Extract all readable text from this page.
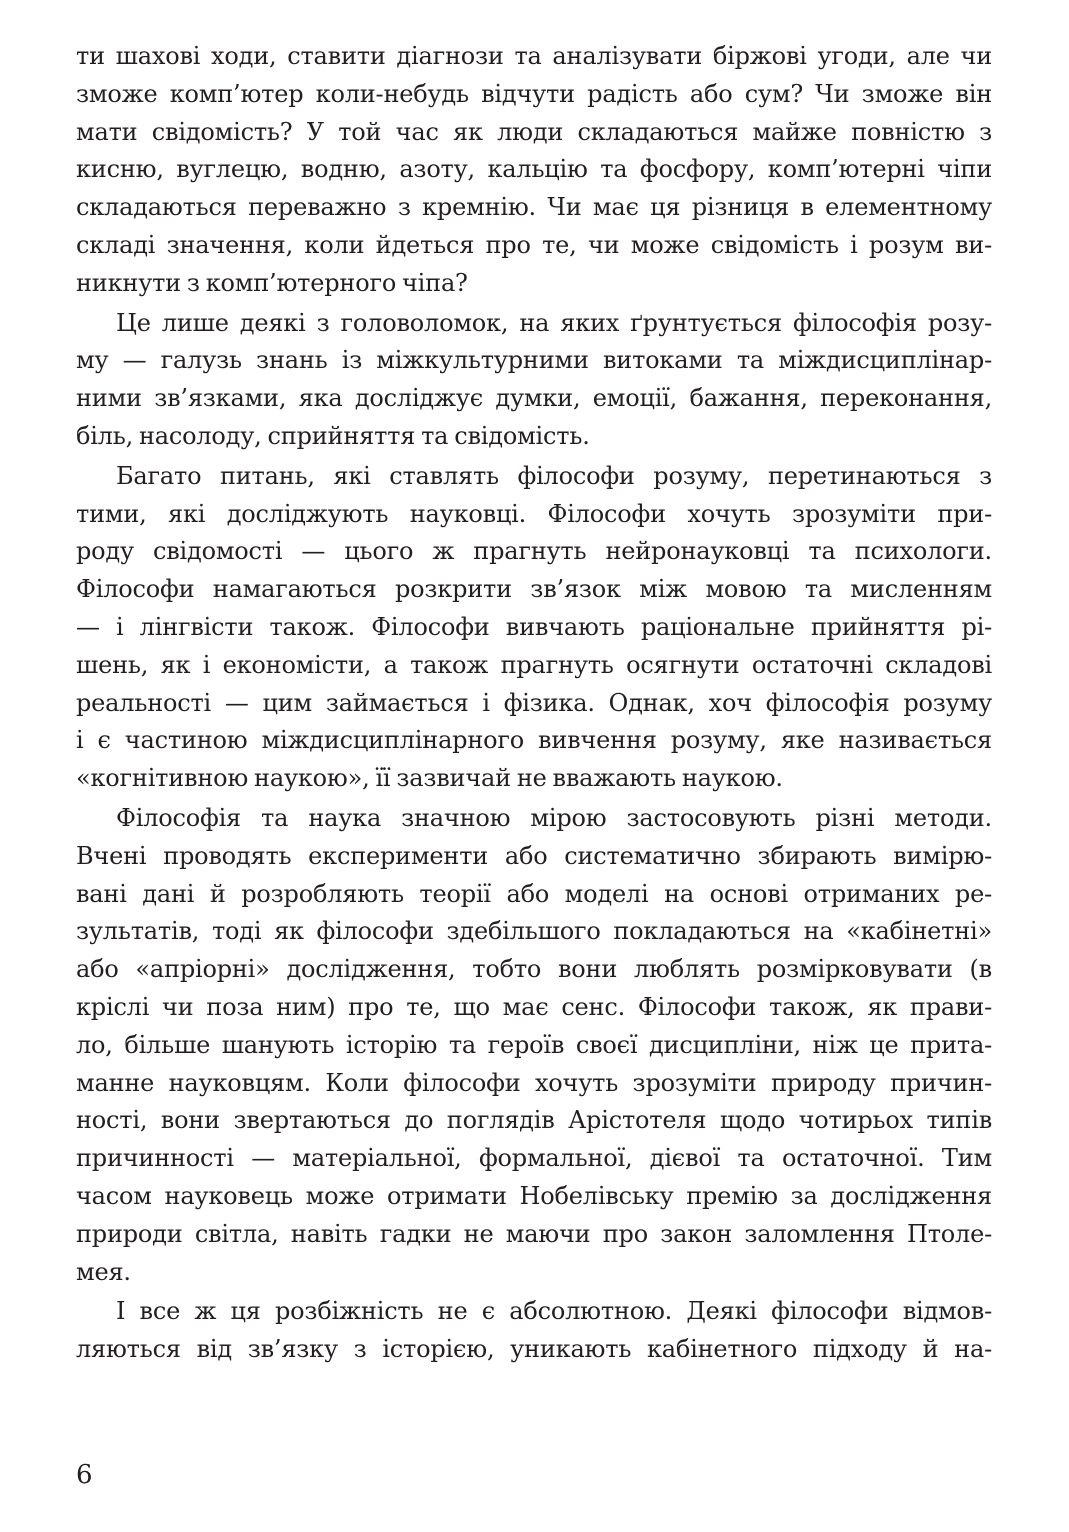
ти шахові ходи, ставити діагнози та аналізувати біржові угоди, але чи
зможе комп’ютер коли-небудь відчути радість або сум? Чи зможе він
мати свідомість? У той час як люди складаються майже повністю з
кисню, вуглецю, водню, азоту, кальцію та фосфору, комп’ютерні чіпи
складаються переважно з кремнію. Чи має ця різниця в елементному
складі значення, коли йдеться про те, чи може свідомість і розум ви-
никнути з комп’ютерного чіпа?
Це лише деякі з головоломок, на яких ґрунтується філософія розу-
му — галузь знань із міжкультурними витоками та міждисциплінар-
ними зв’язками, яка досліджує думки, емоції, бажання, переконання,
біль, насолоду, сприйняття та свідомість.
Багато питань, які ставлять філософи розуму, перетинаються з
тими, які досліджують науковці. Філософи хочуть зрозуміти при-
роду свідомості — цього ж прагнуть нейронауковці та психологи.
Філософи намагаються розкрити зв’язок між мовою та мисленням
— і лінгвісти також. Філософи вивчають раціональне прийняття рі-
шень, як і економісти, а також прагнуть осягнути остаточні складові
реальності — цим займається і фізика. Однак, хоч філософія розуму
і є частиною міждисциплінарного вивчення розуму, яке називається
«когнітивною наукою», її зазвичай не вважають наукою.
Філософія та наука значною мірою застосовують різні методи.
Вчені проводять експерименти або систематично збирають вимірю-
вані дані й розробляють теорії або моделі на основі отриманих ре-
зультатів, тоді як філософи здебільшого покладаються на «кабінетні»
або «апріорні» дослідження, тобто вони люблять розмірковувати (в
кріслі чи поза ним) про те, що має сенс. Філософи також, як прави-
ло, більше шанують історію та героїв своєї дисципліни, ніж це прита-
манне науковцям. Коли філософи хочуть зрозуміти природу причин-
ності, вони звертаються до поглядів Арістотеля щодо чотирьох типів
причинності — матеріальної, формальної, дієвої та остаточної. Тим
часом науковець може отримати Нобелівську премію за дослідження
природи світла, навіть гадки не маючи про закон заломлення Птоле-
мея.
І все ж ця розбіжність не є абсолютною. Деякі філософи відмов-
ляються від зв’язку з історією, уникають кабінетного підходу й на-
6
